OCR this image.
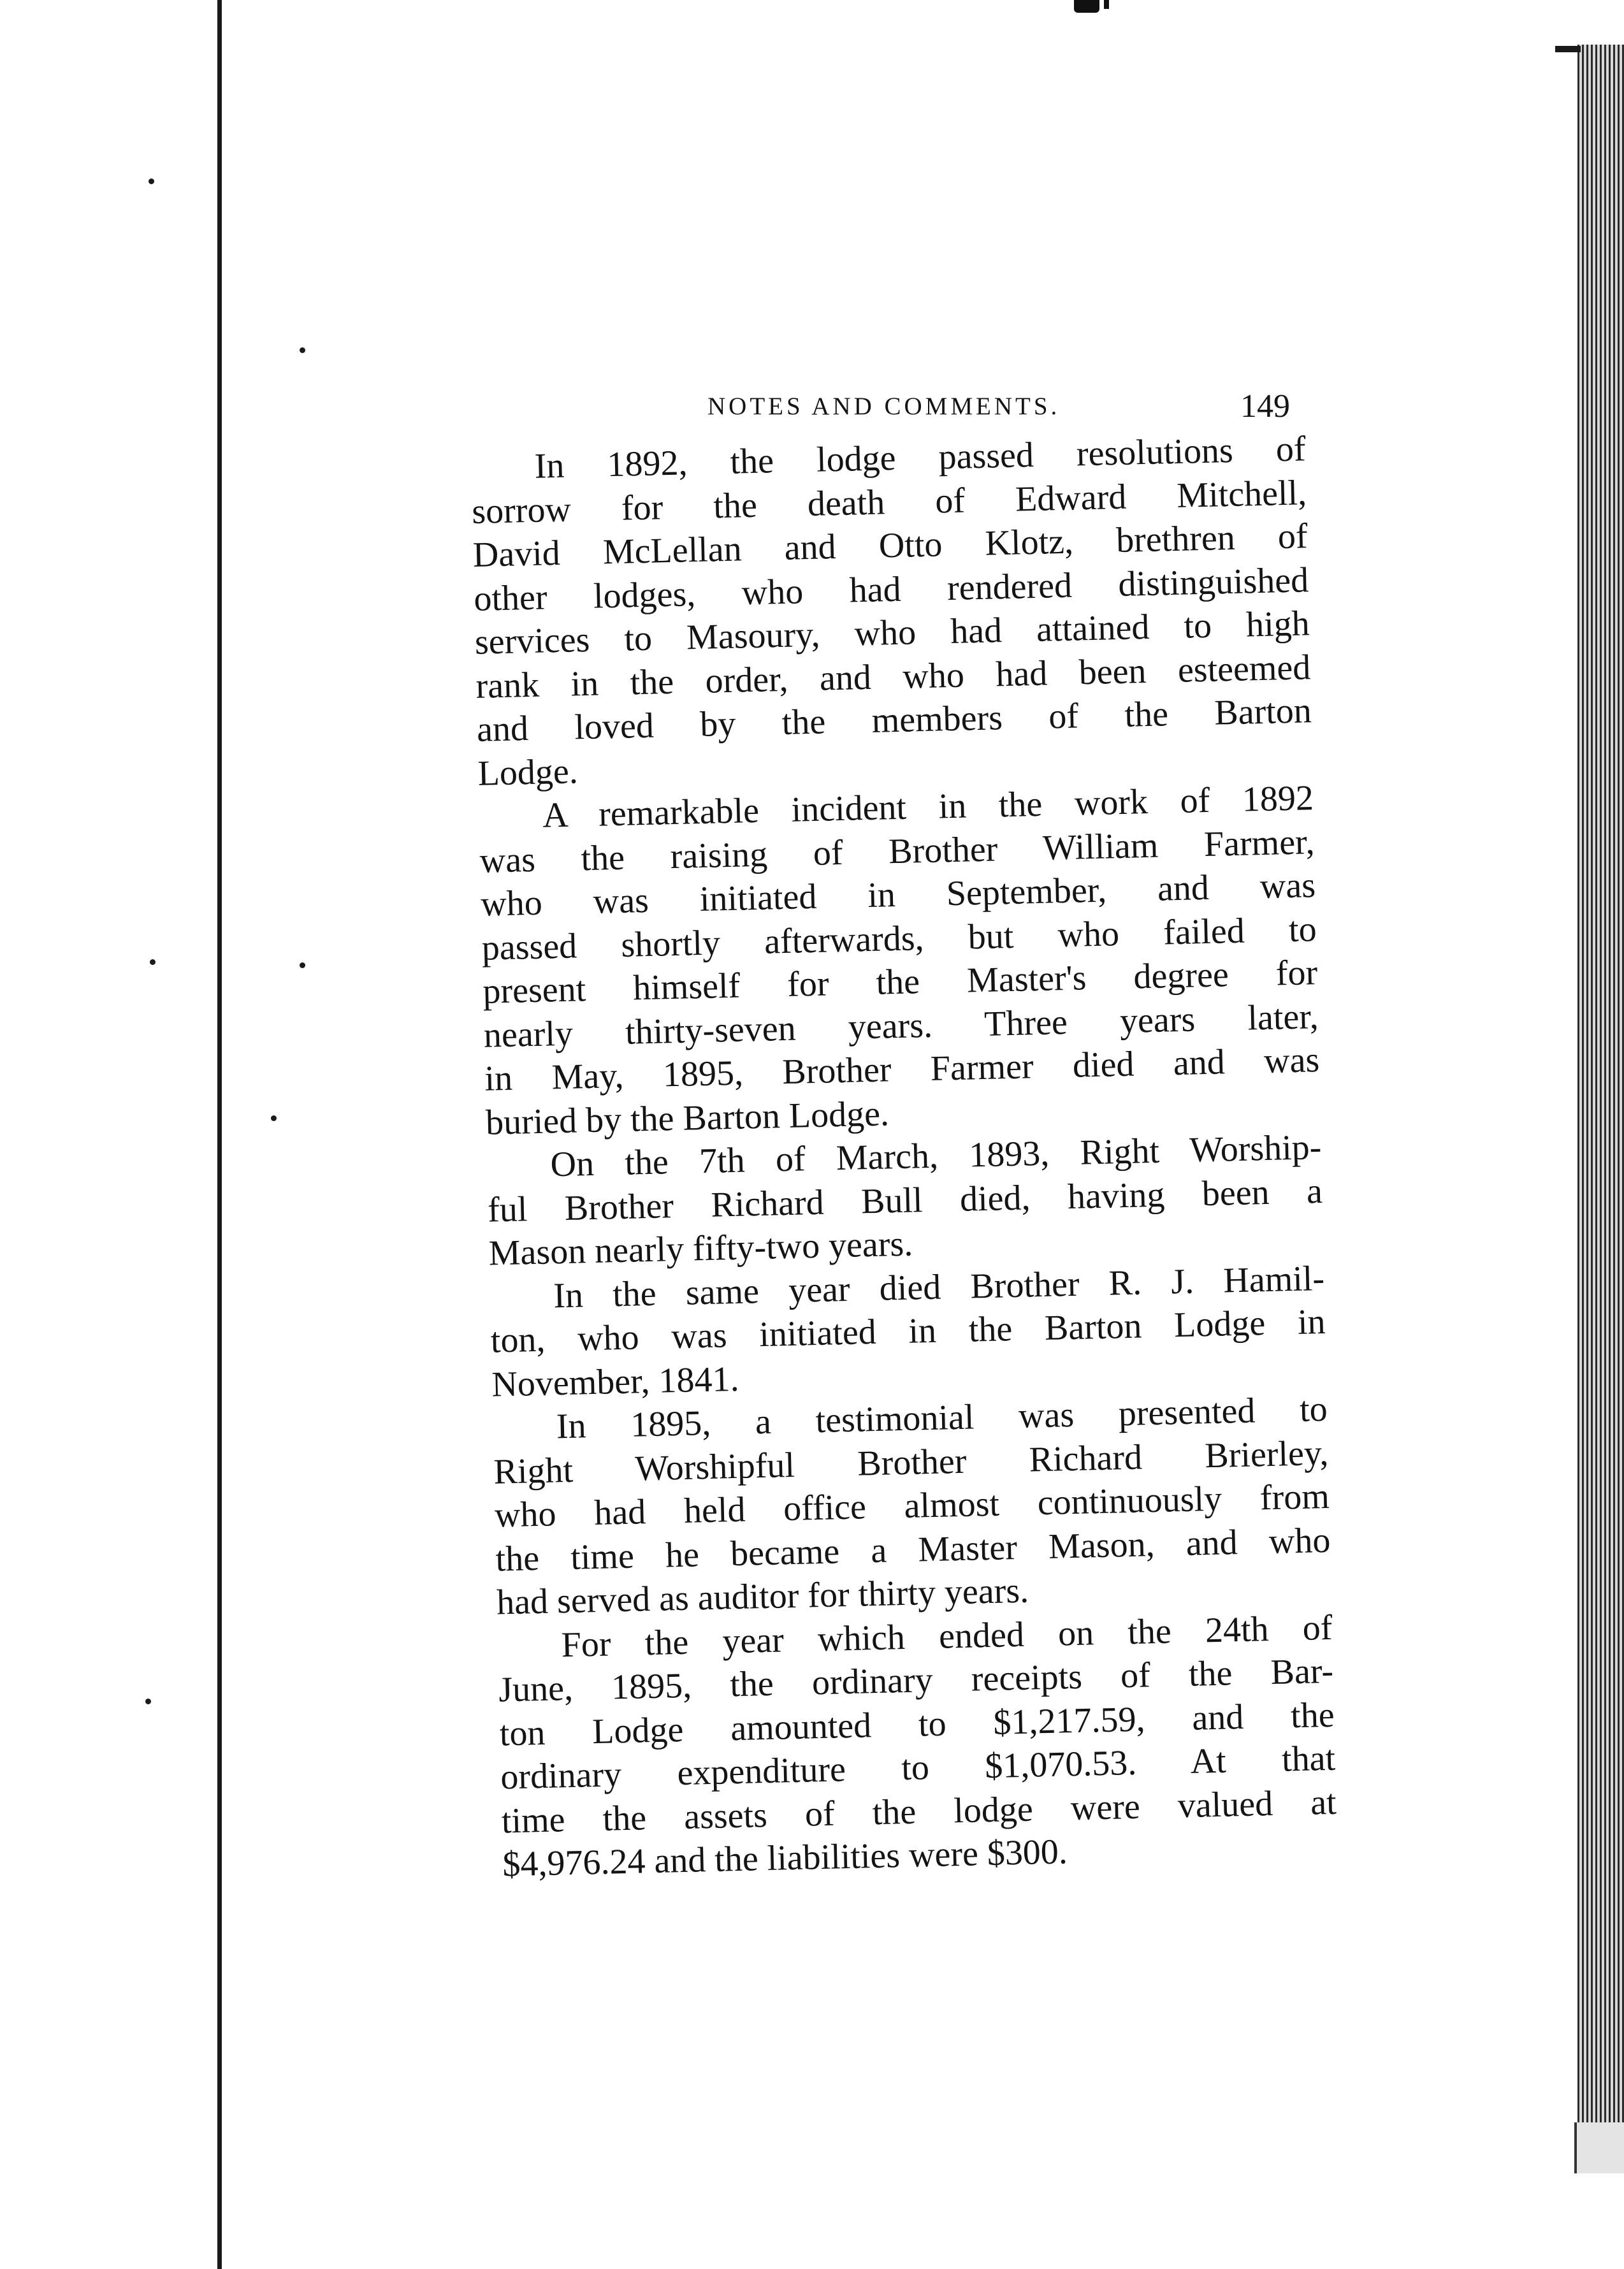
NOTES AND COMMENTS.	149
In 1892, the lodge passed resolutions of
sorrow for the death of Edward Mitchell,
David McLellan and Otto Klotz, brethren of
other lodges, who had rendered distinguished
services to Masoury, who had attained to high
rank in the order, and who had been esteemed
and loved by the members of the Barton
Lodge.
A remarkable incident in the work of 1892
was the raising of Brother William Farmer,
who was initiated in September, and was
passed shortly afterwards, but who failed to
present himself for the Master's degree for
nearly thirty-seven years. Three years later,
in May, 1895, Brother Farmer died and was
buried by the Barton Lodge.
On the 7th of March, 1893, Right Worship-
ful Brother Richard Bull died, having been a
Mason nearly fifty-two years.
In the same year died Brother R. J. Hamil-
ton, who was initiated in the Barton Lodge in
November, 1841.
In 1895, a testimonial was presented to
Right Worshipful Brother Richard Brierley,
who had held office almost continuously from
the time he became a Master Mason, and who
had served as auditor for thirty years.
For the year which ended on the 24th of
June, 1895, the ordinary receipts of the Bar-
ton Lodge amounted to $1,217.59, and the
ordinary expenditure to $1,070.53. At that
time the assets of the lodge were valued at
$4,976.24 and the liabilities were $300.
